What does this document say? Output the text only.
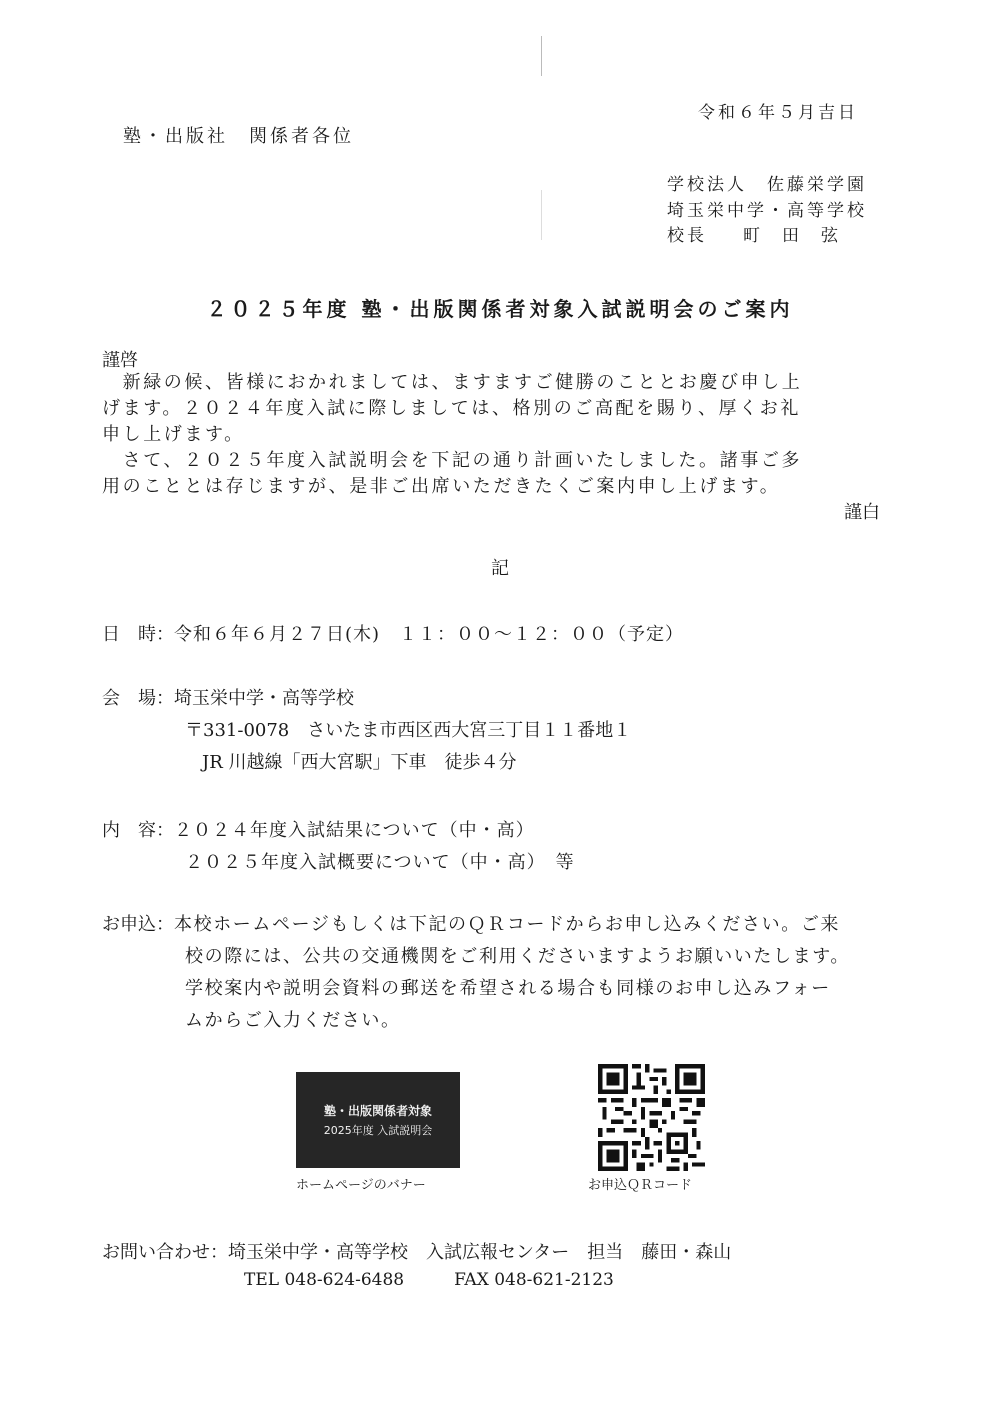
令和６年５月吉日
塾・出版社　関係者各位
学校法人　佐藤栄学園
埼玉栄中学・高等学校
校長 町田弦
２０２５年度 塾・出版関係者対象入試説明会のご案内
謹啓
　新緑の候、皆様におかれましては、ますますご健勝のこととお慶び申し上
げます。２０２４年度入試に際しましては、格別のご高配を賜り、厚くお礼
申し上げます。
　さて、２０２５年度入試説明会を下記の通り計画いたしました。諸事ご多
用のこととは存じますが、是非ご出席いただきたくご案内申し上げます。
謹白
記
日　時：令和６年６月２７日(木)　１１：００～１２：００（予定）
会　場：埼玉栄中学・高等学校
〒331-0078　さいたま市西区西大宮三丁目１１番地１
JR 川越線「西大宮駅」下車　徒歩４分
内　容：２０２４年度入試結果について（中・高）
２０２５年度入試概要について（中・高）　等
お申込：本校ホームページもしくは下記のＱＲコードからお申し込みください。ご来
校の際には、公共の交通機関をご利用くださいますようお願いいたします。
学校案内や説明会資料の郵送を希望される場合も同様のお申し込みフォー
ムからご入力ください。
塾・出版関係者対象
2025年度 入試説明会
ホームページのバナー	お申込ＱＲコード
お問い合わせ：埼玉栄中学・高等学校　入試広報センター　担当　藤田・森山
TEL 048-624-6488	FAX 048-621-2123
